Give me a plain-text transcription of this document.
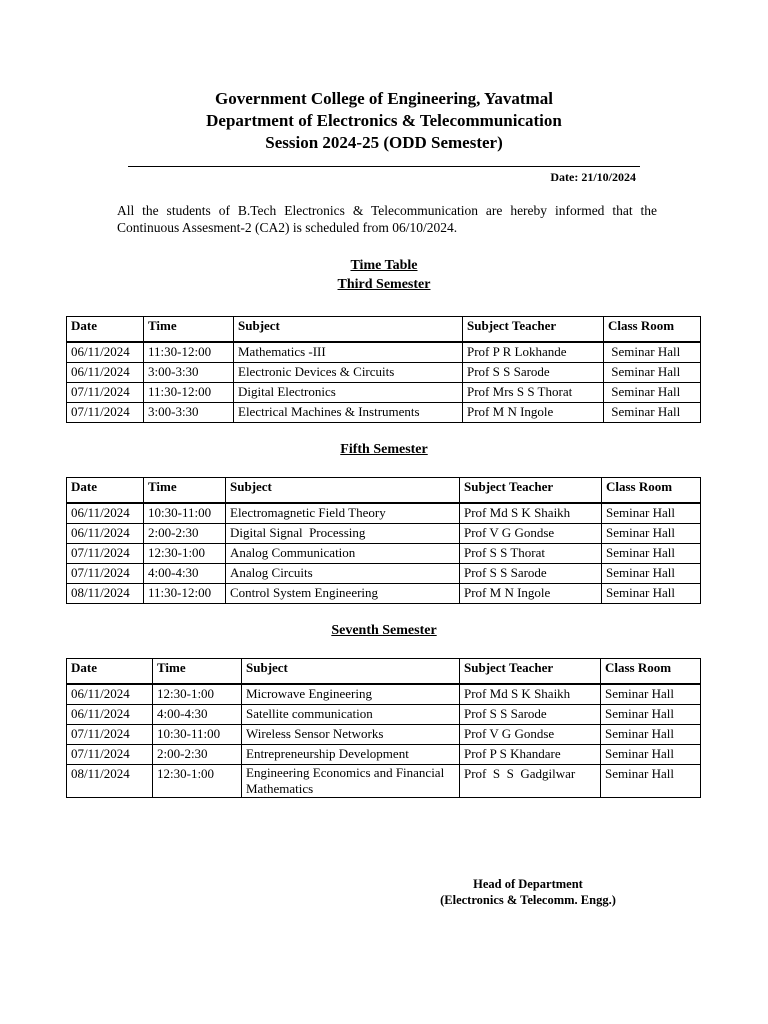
Government College of Engineering, Yavatmal
Department of Electronics & Telecommunication
Session 2024-25 (ODD Semester)
Date: 21/10/2024
All the students of B.Tech Electronics & Telecommunication are hereby informed that the Continuous Assesment-2 (CA2) is scheduled from 06/10/2024.
Time Table
Third Semester
Date	Time	Subject	Subject Teacher	Class Room
06/11/2024	11:30-12:00	Mathematics -III	Prof P R Lokhande	Seminar Hall
06/11/2024	3:00-3:30	Electronic Devices & Circuits	Prof S S Sarode	Seminar Hall
07/11/2024	11:30-12:00	Digital Electronics	Prof Mrs S S Thorat	Seminar Hall
07/11/2024	3:00-3:30	Electrical Machines & Instruments	Prof M N Ingole	Seminar Hall
Fifth Semester
Date	Time	Subject	Subject Teacher	Class Room
06/11/2024	10:30-11:00	Electromagnetic Field Theory	Prof Md S K Shaikh	Seminar Hall
06/11/2024	2:00-2:30	Digital Signal  Processing	Prof V G Gondse	Seminar Hall
07/11/2024	12:30-1:00	Analog Communication	Prof S S Thorat	Seminar Hall
07/11/2024	4:00-4:30	Analog Circuits	Prof S S Sarode	Seminar Hall
08/11/2024	11:30-12:00	Control System Engineering	Prof M N Ingole	Seminar Hall
Seventh Semester
Date	Time	Subject	Subject Teacher	Class Room
06/11/2024	12:30-1:00	Microwave Engineering	Prof Md S K Shaikh	Seminar Hall
06/11/2024	4:00-4:30	Satellite communication	Prof S S Sarode	Seminar Hall
07/11/2024	10:30-11:00	Wireless Sensor Networks	Prof V G Gondse	Seminar Hall
07/11/2024	2:00-2:30	Entrepreneurship Development	Prof P S Khandare	Seminar Hall
08/11/2024	12:30-1:00	Engineering Economics and Financial Mathematics	Prof  S  S  Gadgilwar	Seminar Hall
Head of Department
(Electronics & Telecomm. Engg.)
